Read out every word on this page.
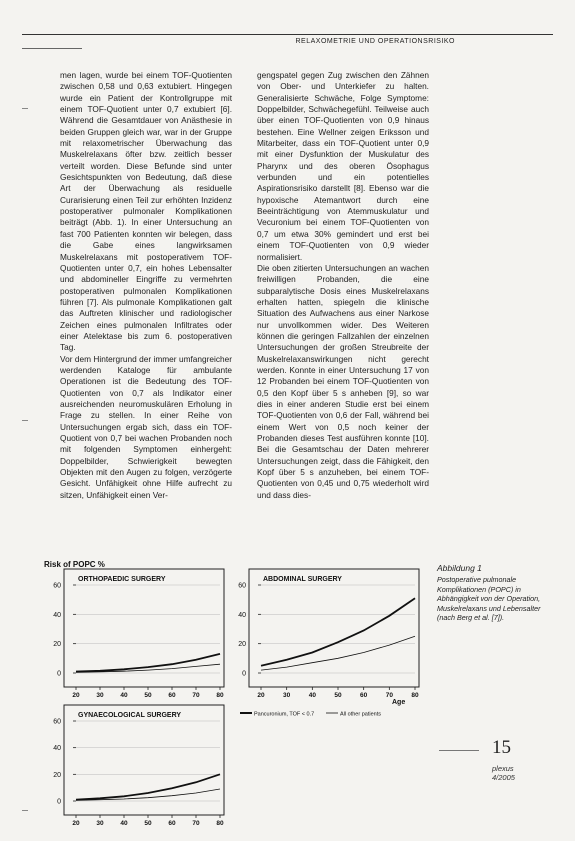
RELAXOMETRIE UND OPERATIONSRISIKO

men lagen, wurde bei einem TOF-Quotienten zwischen 0,58 und 0,63 extubiert. Hingegen wurde ein Patient der Kontrollgruppe mit einem TOF-Quotient unter 0,7 extubiert [6]. Während die Gesamtdauer von Anästhesie in beiden Gruppen gleich war, war in der Gruppe mit relaxometrischer Überwachung das Muskelrelaxans öfter bzw. zeitlich besser verteilt worden. Diese Befunde sind unter Gesichtspunkten von Bedeutung, daß diese Art der Überwachung als residuelle Curarisierung einen Teil zur erhöhten Inzidenz postoperativer pulmonaler Komplikationen beiträgt (Abb. 1). In einer Untersuchung an fast 700 Patienten konnten wir belegen, dass die Gabe eines langwirksamen Muskelrelaxans mit postoperativem TOF-Quotienten unter 0,7, ein hohes Lebensalter und abdomineller Eingriffe zu vermehrten postoperativen pulmonalen Komplikationen führen [7]. Als pulmonale Komplikationen galt das Auftreten klinischer und radiologischer Zeichen eines pulmonalen Infiltrates oder einer Atelektase bis zum 6. postoperativen Tag.

Vor dem Hintergrund der immer umfangreicher werdenden Kataloge für ambulante Operationen ist die Bedeutung des TOF-Quotienten von 0,7 als Indikator einer ausreichenden neuromuskulären Erholung in Frage zu stellen. In einer Reihe von Untersuchungen ergab sich, dass ein TOF-Quotient von 0,7 bei wachen Probanden noch mit folgenden Symptomen einhergeht: Doppelbilder, Schwierigkeit bewegten Objekten mit den Augen zu folgen, verzögerte Gesicht. Unfähigkeit ohne Hilfe aufrecht zu sitzen, Unfähigkeit einen Ver-

gengspatel gegen Zug zwischen den Zähnen von Ober- und Unterkiefer zu halten. Generalisierte Schwäche, Folge Symptome: Doppelbilder, Schwächegefühl. Teilweise auch über einen TOF-Quotienten von 0,9 hinaus bestehen. Eine Wellner zeigen Eriksson und Mitarbeiter, dass ein TOF-Quotient unter 0,9 mit einer Dysfunktion der Muskulatur des Pharynx und des oberen Ösophagus verbunden und ein potentielles Aspirationsrisiko darstellt [8]. Ebenso war die hypoxische Atemantwort durch eine Beeinträchtigung von Atemmuskulatur und Vecuronium bei einem TOF-Quotienten von 0,7 um etwa 30% gemindert und erst bei einem TOF-Quotienten von 0,9 wieder normalisiert.

Die oben zitierten Untersuchungen an wachen freiwilligen Probanden, die eine subparalytische Dosis eines Muskelrelaxans erhalten hatten, spiegeln die klinische Situation des Aufwachens aus einer Narkose nur unvollkommen wider. Des Weiteren können die geringen Fallzahlen der einzelnen Untersuchungen der großen Streubreite der Muskelrelaxanswirkungen nicht gerecht werden. Konnte in einer Untersuchung 17 von 12 Probanden bei einem TOF-Quotienten von 0,5 den Kopf über 5 s anheben [9], so war dies in einer anderen Studie erst bei einem TOF-Quotienten von 0,6 der Fall, während bei einem Wert von 0,5 noch keiner der Probanden dieses Test ausführen konnte [10]. Bei die Gesamtschau der Daten mehrerer Untersuchungen zeigt, dass die Fähigkeit, den Kopf über 5 s anzuheben, bei einem TOF-Quotienten von 0,45 und 0,75 wiederholt wird und dass dies-

Risk of POPC %
ORTHOPAEDIC SURGERY
0
20
40
60
20	30	40	50	60	70	80
ABDOMINAL SURGERY
0
20
40
60
20	30	40	50	60	70	80
GYNAECOLOGICAL SURGERY
0
20
40
60
20	30	40	50	60	70	80
Age
Pancuronium, TOF < 0.7	All other patients
Abbildung 1
Postoperative pulmonale Komplikationen (POPC) in Abhängigkeit von der Operation, Muskelrelaxans und Lebensalter (nach Berg et al. [7]).
15
plexus
4/2005
